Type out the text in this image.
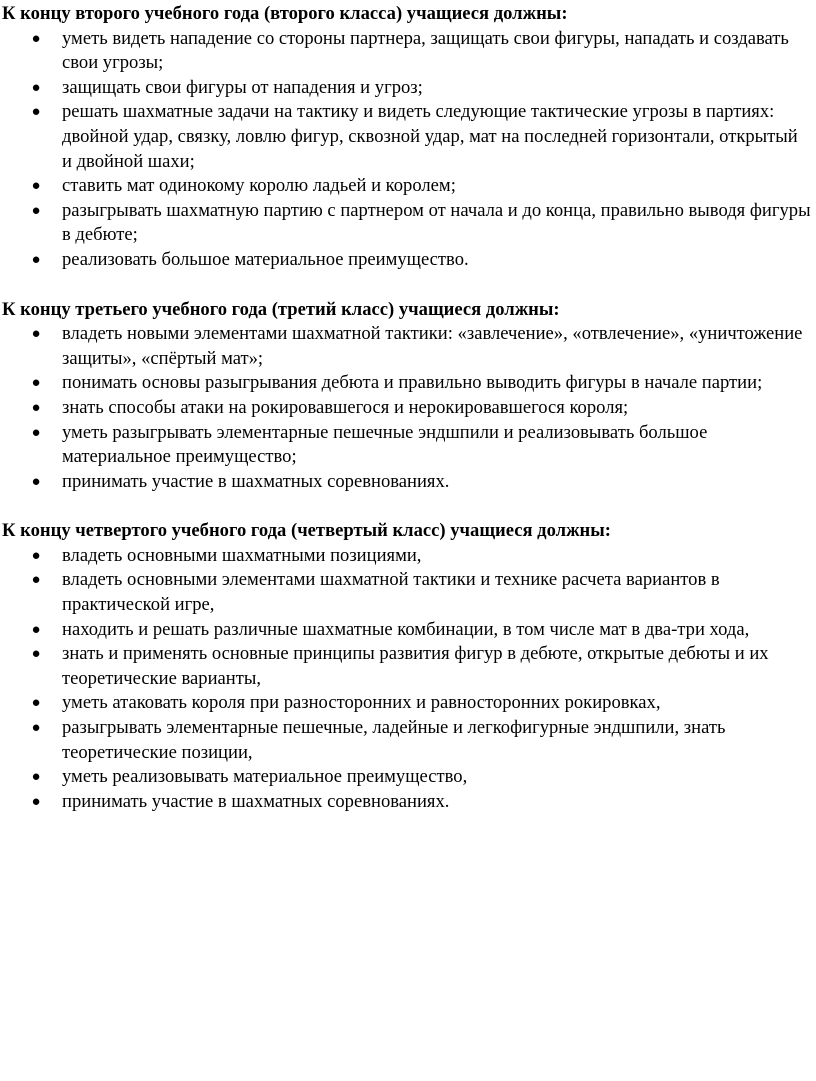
К концу второго учебного года (второго класса) учащиеся должны:

● уметь видеть нападение со стороны партнера, защищать свои фигуры, нападать и создавать свои угрозы;
● защищать свои фигуры от нападения и угроз;
● решать шахматные задачи на тактику и видеть следующие тактические угрозы в партиях: двойной удар, связку, ловлю фигур, сквозной удар, мат на последней горизонтали, открытый и двойной шахи;
● ставить мат одинокому королю ладьей и королем;
● разыгрывать шахматную партию с партнером от начала и до конца, правильно выводя фигуры в дебюте;
● реализовать большое материальное преимущество.

К концу третьего учебного года (третий класс) учащиеся должны:

● владеть новыми элементами шахматной тактики: «завлечение», «отвлечение», «уничтожение защиты», «спёртый мат»;
● понимать основы разыгрывания дебюта и правильно выводить фигуры в начале партии;
● знать способы атаки на рокировавшегося и нерокировавшегося короля;
● уметь разыгрывать элементарные пешечные эндшпили и реализовывать большое материальное преимущество;
● принимать участие в шахматных соревнованиях.

К концу четвертого учебного года (четвертый класс) учащиеся должны:

● владеть основными шахматными позициями,
● владеть основными элементами шахматной тактики и технике расчета вариантов в практической игре,
● находить и решать различные шахматные комбинации, в том числе мат в два-три хода,
● знать и применять основные принципы развития фигур в дебюте, открытые дебюты и их теоретические варианты,
● уметь атаковать короля при разносторонних и равносторонних рокировках,
● разыгрывать элементарные пешечные, ладейные и легкофигурные эндшпили, знать теоретические позиции,
● уметь реализовывать материальное преимущество,
● принимать участие в шахматных соревнованиях.
